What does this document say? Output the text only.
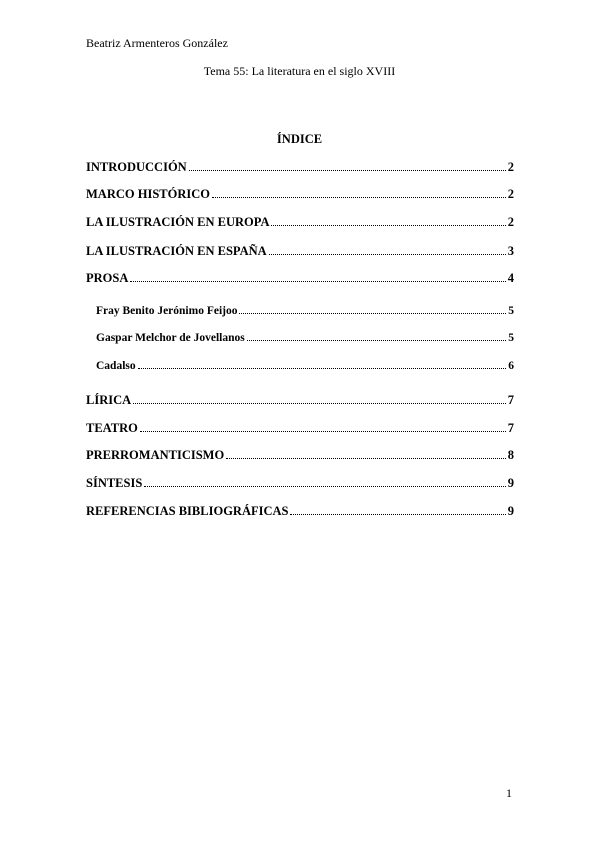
Beatriz Armenteros González
Tema 55: La literatura en el siglo XVIII
ÍNDICE
INTRODUCCIÓN	2
MARCO HISTÓRICO	2
LA ILUSTRACIÓN EN EUROPA	2
LA ILUSTRACIÓN EN ESPAÑA	3
PROSA	4
Fray Benito Jerónimo Feijoo	5
Gaspar Melchor de Jovellanos	5
Cadalso	6
LÍRICA	7
TEATRO	7
PRERROMANTICISMO	8
SÍNTESIS	9
REFERENCIAS BIBLIOGRÁFICAS	9
1
